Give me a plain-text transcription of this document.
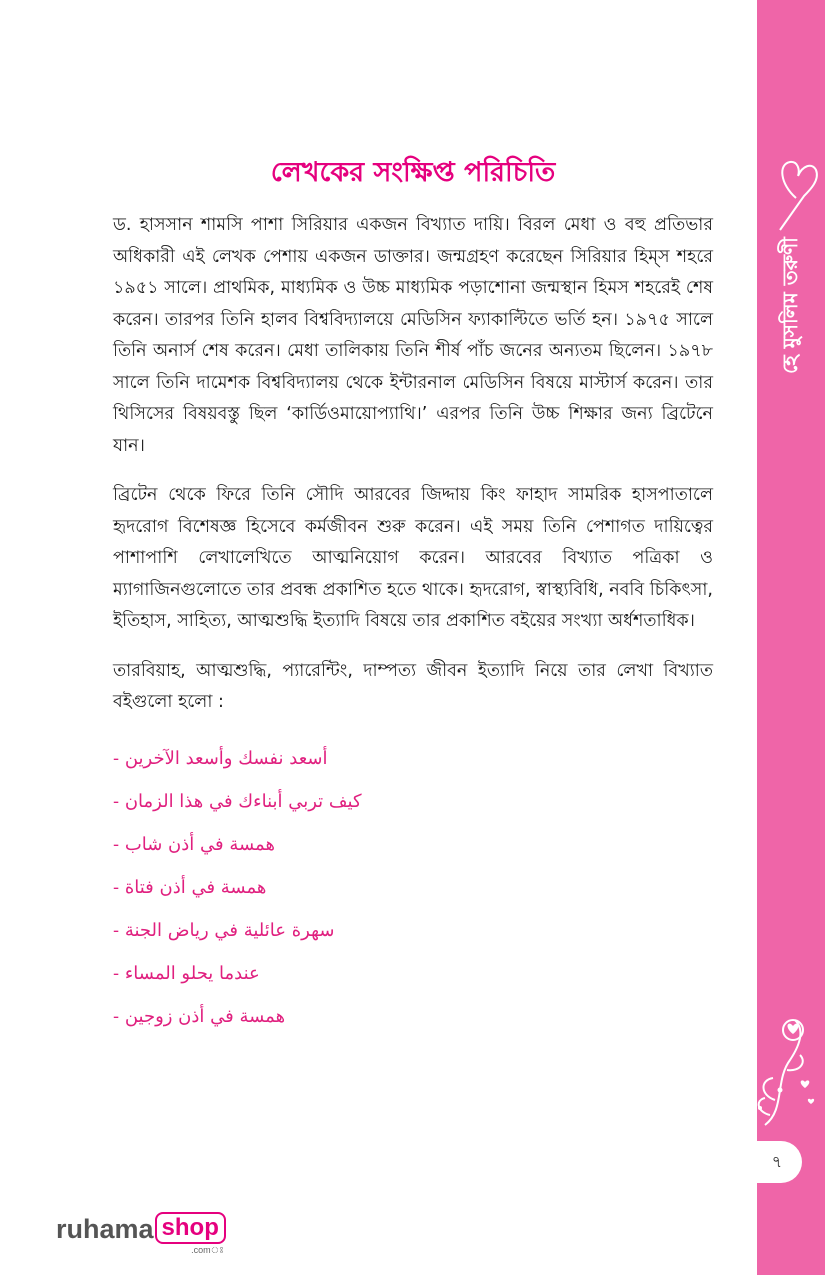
হে মুসলিম তরুণী
৭
লেখকের সংক্ষিপ্ত পরিচিতি

ড. হাসসান শামসি পাশা সিরিয়ার একজন বিখ্যাত দায়ি। বিরল মেধা ও বহু প্রতিভার অধিকারী এই লেখক পেশায় একজন ডাক্তার। জন্মগ্রহণ করেছেন সিরিয়ার হিম্স শহরে ১৯৫১ সালে। প্রাথমিক, মাধ্যমিক ও উচ্চ মাধ্যমিক পড়াশোনা জন্মস্থান হিমস শহরেই শেষ করেন। তারপর তিনি হালব বিশ্ববিদ্যালয়ে মেডিসিন ফ্যাকাল্টিতে ভর্তি হন। ১৯৭৫ সালে তিনি অনার্স শেষ করেন। মেধা তালিকায় তিনি শীর্ষ পাঁচ জনের অন্যতম ছিলেন। ১৯৭৮ সালে তিনি দামেশক বিশ্ববিদ্যালয় থেকে ইন্টারনাল মেডিসিন বিষয়ে মাস্টার্স করেন। তার থিসিসের বিষয়বস্তু ছিল ‘কার্ডিওমায়োপ্যাথি।’ এরপর তিনি উচ্চ শিক্ষার জন্য ব্রিটেনে যান।

ব্রিটেন থেকে ফিরে তিনি সৌদি আরবের জিদ্দায় কিং ফাহাদ সামরিক হাসপাতালে হৃদরোগ বিশেষজ্ঞ হিসেবে কর্মজীবন শুরু করেন। এই সময় তিনি পেশাগত দায়িত্বের পাশাপাশি লেখালেখিতে আত্মনিয়োগ করেন। আরবের বিখ্যাত পত্রিকা ও ম্যাগাজিনগুলোতে তার প্রবন্ধ প্রকাশিত হতে থাকে। হৃদরোগ, স্বাস্থ্যবিধি, নববি চিকিৎসা, ইতিহাস, সাহিত্য, আত্মশুদ্ধি ইত্যাদি বিষয়ে তার প্রকাশিত বইয়ের সংখ্যা অর্ধশতাধিক।

তারবিয়াহ, আত্মশুদ্ধি, প্যারেন্টিং, দাম্পত্য জীবন ইত্যাদি নিয়ে তার লেখা বিখ্যাত বইগুলো হলো :

- أسعد نفسك وأسعد الآخرين
- كيف تربي أبناءك في هذا الزمان
- همسة في أذن شاب
- همسة في أذن فتاة
- سهرة عائلية في رياض الجنة
- عندما يحلو المساء
- همسة في أذن زوجين
ruhama shop
.comঃ
